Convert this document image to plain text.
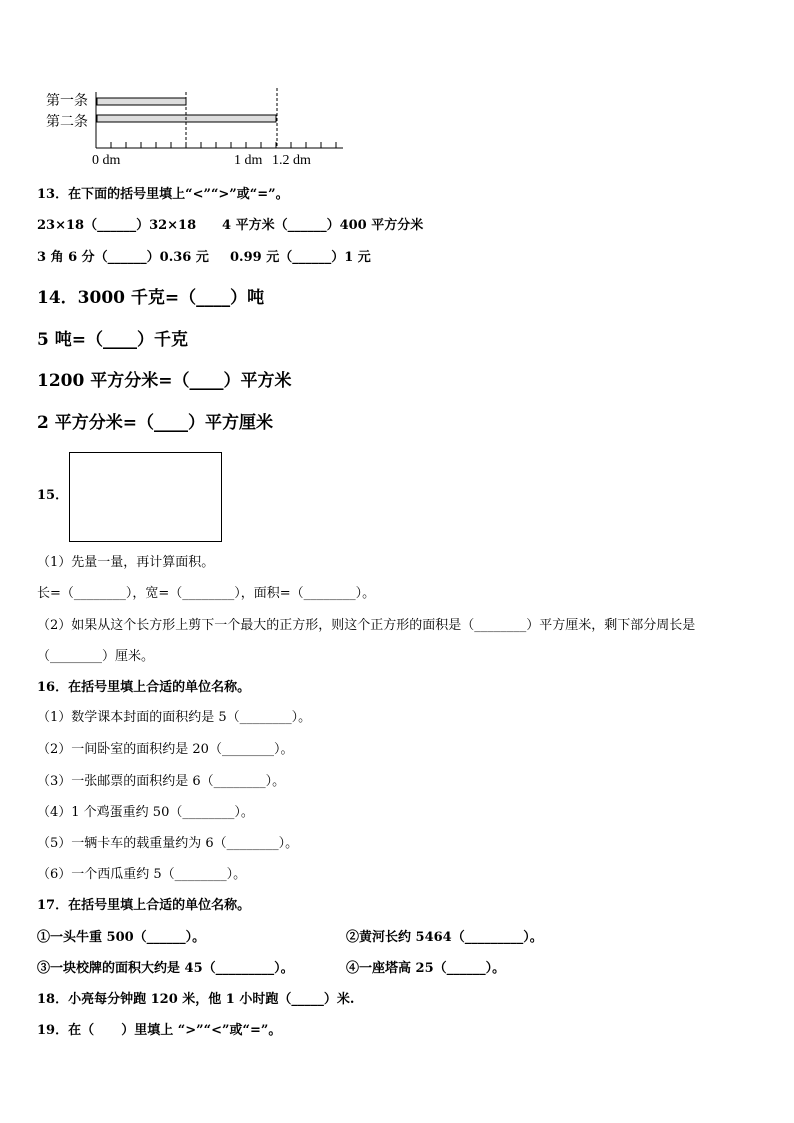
第一条
第二条
0 dm	1 dm 1.2 dm
13．在下面的括号里填上“<”“>”或“=”。
23×18（______）32×18 4 平方米（______）400 平方分米
3 角 6 分（______）0.36 元 0.99 元（______）1 元
14．3000 千克=（____）吨
5 吨=（____）千克
1200 平方分米=（____）平方米
2 平方分米=（____）平方厘米
15．
（1）先量一量，再计算面积。
长=（________），宽=（________），面积=（________）。
（2）如果从这个长方形上剪下一个最大的正方形，则这个正方形的面积是（________）平方厘米，剩下部分周长是
（________）厘米。
16．在括号里填上合适的单位名称。
（1）数学课本封面的面积约是 5（________）。
（2）一间卧室的面积约是 20（________）。
（3）一张邮票的面积约是 6（________）。
（4）1 个鸡蛋重约 50（________）。
（5）一辆卡车的载重量约为 6（________）。
（6）一个西瓜重约 5（________）。
17．在括号里填上合适的单位名称。
①一头牛重 500（______）。	②黄河长约 5464（_________）。
③一块校牌的面积大约是 45（_________）。	④一座塔高 25（______）。
18．小亮每分钟跑 120 米，他 1 小时跑（_____）米.
19．在（      ）里填上 “>”“<”或“=”。
